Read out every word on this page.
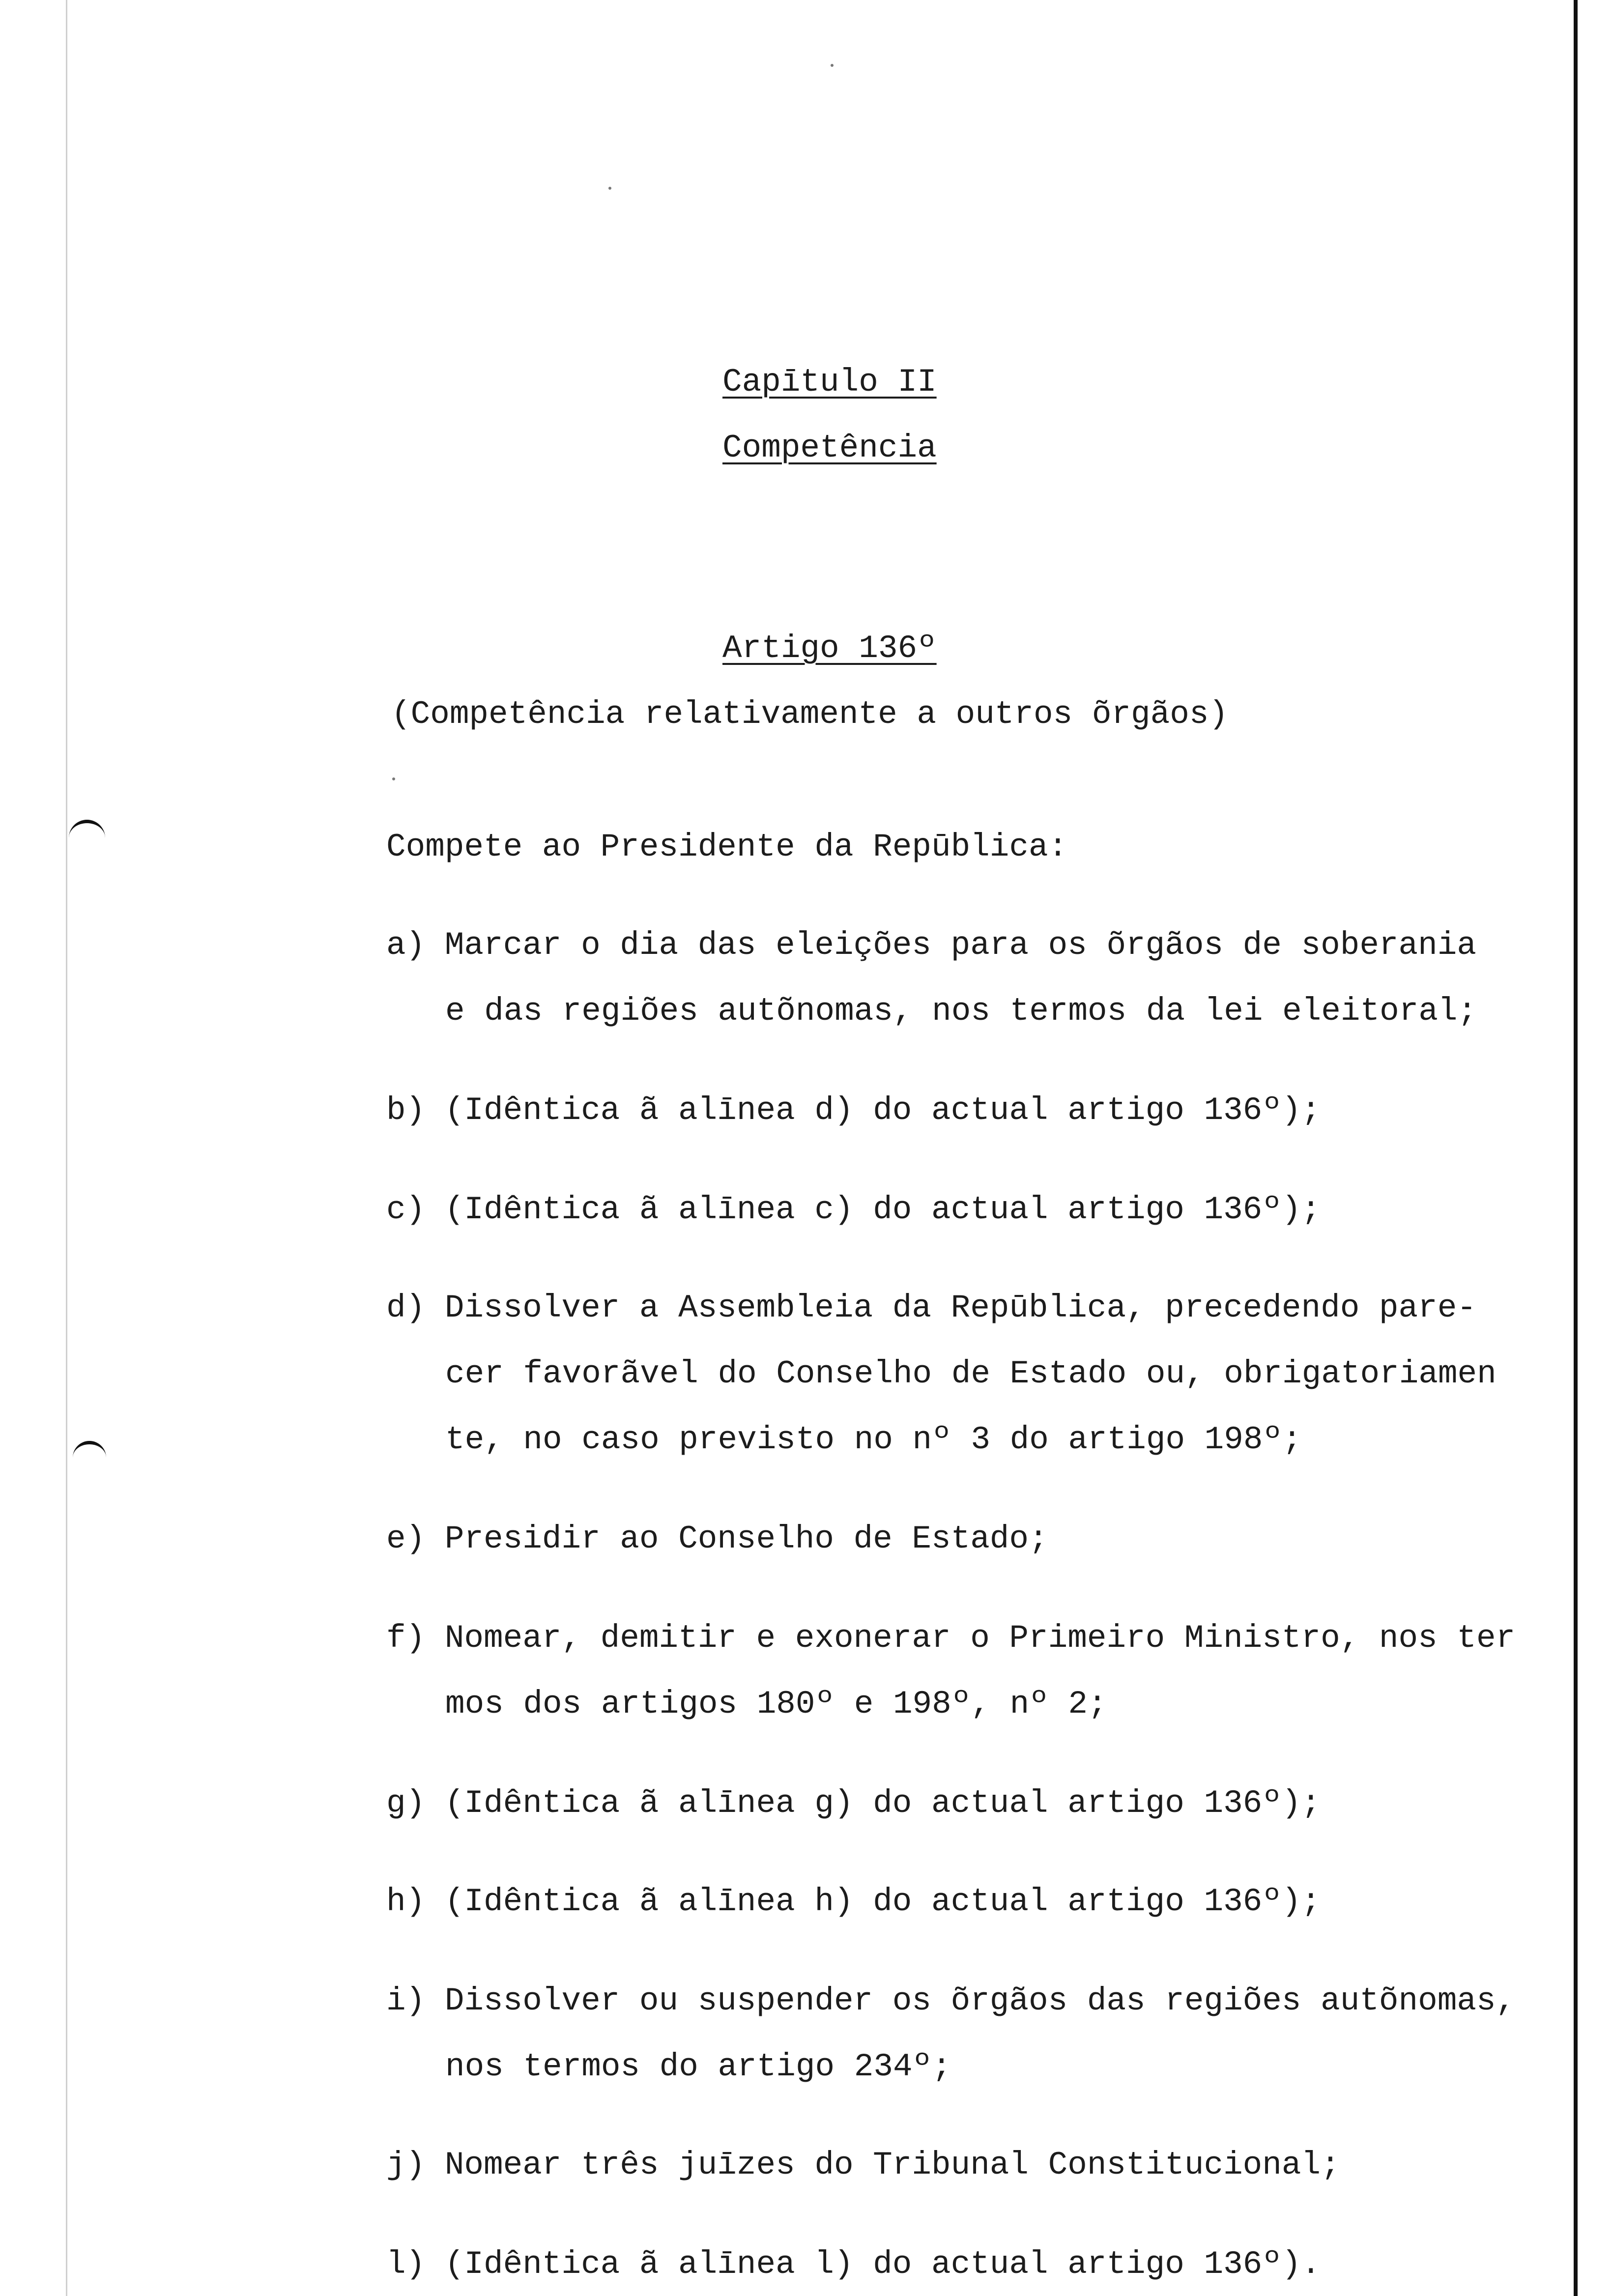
Capītulo II
Competência
Artigo 136º
(Competência relativamente a outros õrgãos)
Compete ao Presidente da Repūblica:
a) Marcar o dia das eleições para os õrgãos de soberania
e das regiões autõnomas, nos termos da lei eleitoral;
b) (Idêntica ã alīnea d) do actual artigo 136º);
c) (Idêntica ã alīnea c) do actual artigo 136º);
d) Dissolver a Assembleia da Repūblica, precedendo pare-
cer favorãvel do Conselho de Estado ou, obrigatoriamen
te, no caso previsto no nº 3 do artigo 198º;
e) Presidir ao Conselho de Estado;
f) Nomear, demitir e exonerar o Primeiro Ministro, nos ter
mos dos artigos 180º e 198º, nº 2;
g) (Idêntica ã alīnea g) do actual artigo 136º);
h) (Idêntica ã alīnea h) do actual artigo 136º);
i) Dissolver ou suspender os õrgãos das regiões autõnomas,
nos termos do artigo 234º;
j) Nomear três juīzes do Tribunal Constitucional;
l) (Idêntica ã alīnea l) do actual artigo 136º).
